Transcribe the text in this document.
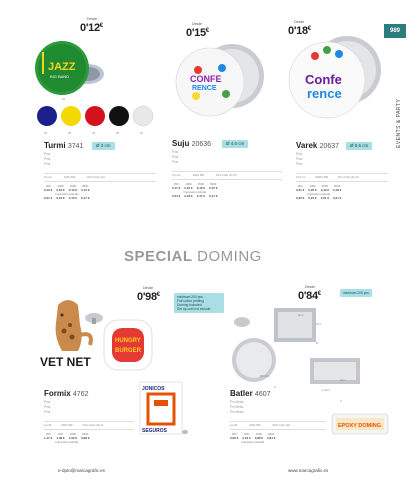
989
EVENTS & PARTY
Desde
0'12€
JAZZ
BIG BAND
01
03	05	02	05	01
Turmi 3741	Ø 3 cm
Pins
Pins
Pins
12 mm	100/c 500	Print Color (4c)
250	1000	2500	5000
0,19 €	0,16 €	0,13 €	0,12 €
Impresión incluida			
0,21 €	0,16 €	0,15 €	0,17 €
Desde
0'15€
CONFE
RENCE
Suju 20636	Ø 4.5 cm
Pins
Pins
Pins
4.5 mm	100/c 500	Print Color (4c) fd
250	1000	2500	5000
0,17 €	0,16 €	0,16 €	0,15 €
Impresión incluida			
0,24 €	0,18 €	0,17 €	0,17 €
Desde
0'18€
Confe
rence
Varek 20637	Ø 5.5 cm
Pins
Pins
Pins
27.5 cm	1000/c 500	Print Color (4c) fd
250	1000	2500	5000
0,21 €	0,20 €	0,19 €	0,18 €
Impresión incluida			
0,26 €	0,24 €	0,21 €	0,21 €
SPECIAL DOMING
Desde
0'98€	minimum 200 pcs
Full colour printing
Doming included
Set up cost not include
VET NET
HUNGRY
BURGER
JONICOS
SEGUROS
Formix 4762
Pins
Pins
Pins
Lot 25	100/c 500	Print Color (4c) fd
250	500	1000	2500
1,17 €	1,09 €	1,00 €	0,98 €
Impresión incluida			
Desde
0'84€	minimum 200 pcs
2cm
2cm
B
Ø2.2cm
A
4cm
1,2cm
C
EPOXY DOMING
Batler 4607
Pin Metal
Pin Metal
Pin Metal
Lot 25	100/c 500	Print Color (4c)
250	500	1000	2500
0,96 €	0,91 €	0,88 €	0,84 €
Impresión incluida			
e-dpto@marcagrafic.es	www.marcagrafic.es
